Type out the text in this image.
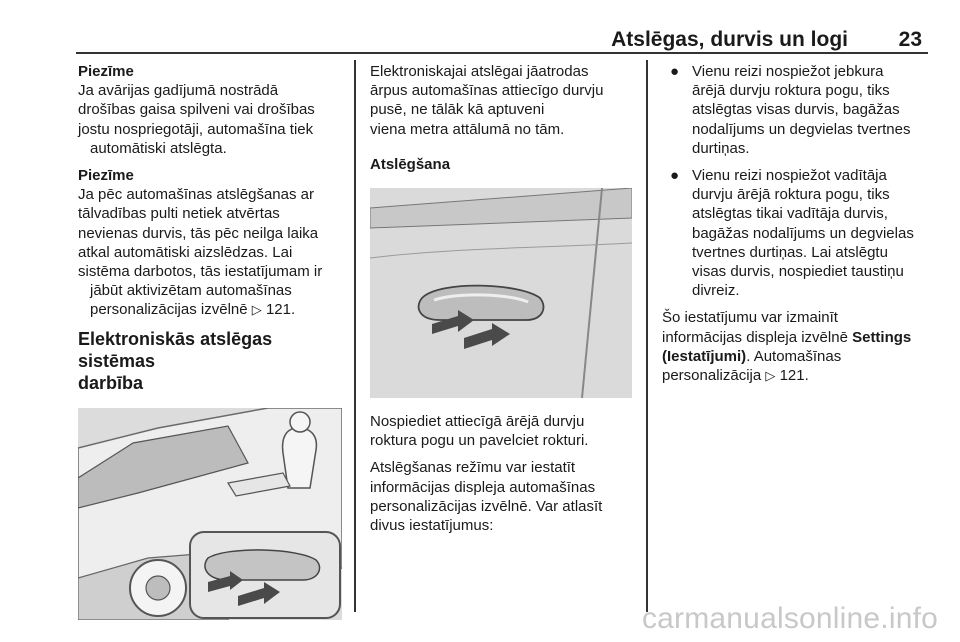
Atslēgas, durvis un logi 23
Piezīme
Ja avārijas gadījumā nostrādā
drošības gaisa spilveni vai drošības
jostu nospriegotāji, automašīna tiek
automātiski atslēgta.
Piezīme
Ja pēc automašīnas atslēgšanas ar
tālvadības pulti netiek atvērtas
nevienas durvis, tās pēc neilga laika
atkal automātiski aizslēdzas. Lai
sistēma darbotos, tās iestatījumam ir
jābūt aktivizētam automašīnas
personalizācijas izvēlnē ▷ 121.
Elektroniskās atslēgas sistēmas
darbība

Elektroniskajai atslēgai jāatrodas
ārpus automašīnas attiecīgo durvju
pusē, ne tālāk kā aptuveni
viena metra attālumā no tām.

Atslēgšana

Nospiediet attiecīgā ārējā durvju
roktura pogu un pavelciet rokturi.

Atslēgšanas režīmu var iestatīt
informācijas displeja automašīnas
personalizācijas izvēlnē. Var atlasīt
divus iestatījumus:

● Vienu reizi nospiežot jebkura
ārējā durvju roktura pogu, tiks
atslēgtas visas durvis, bagāžas
nodalījums un degvielas tvertnes
durtiņas.
● Vienu reizi nospiežot vadītāja
durvju ārējā roktura pogu, tiks
atslēgtas tikai vadītāja durvis,
bagāžas nodalījums un degvielas
tvertnes durtiņas. Lai atslēgtu
visas durvis, nospiediet taustiņu
divreiz.

Šo iestatījumu var izmainīt
informācijas displeja izvēlnē Settings
(Iestatījumi). Automašīnas
personalizācija ▷ 121.

carmanualsonline.info
